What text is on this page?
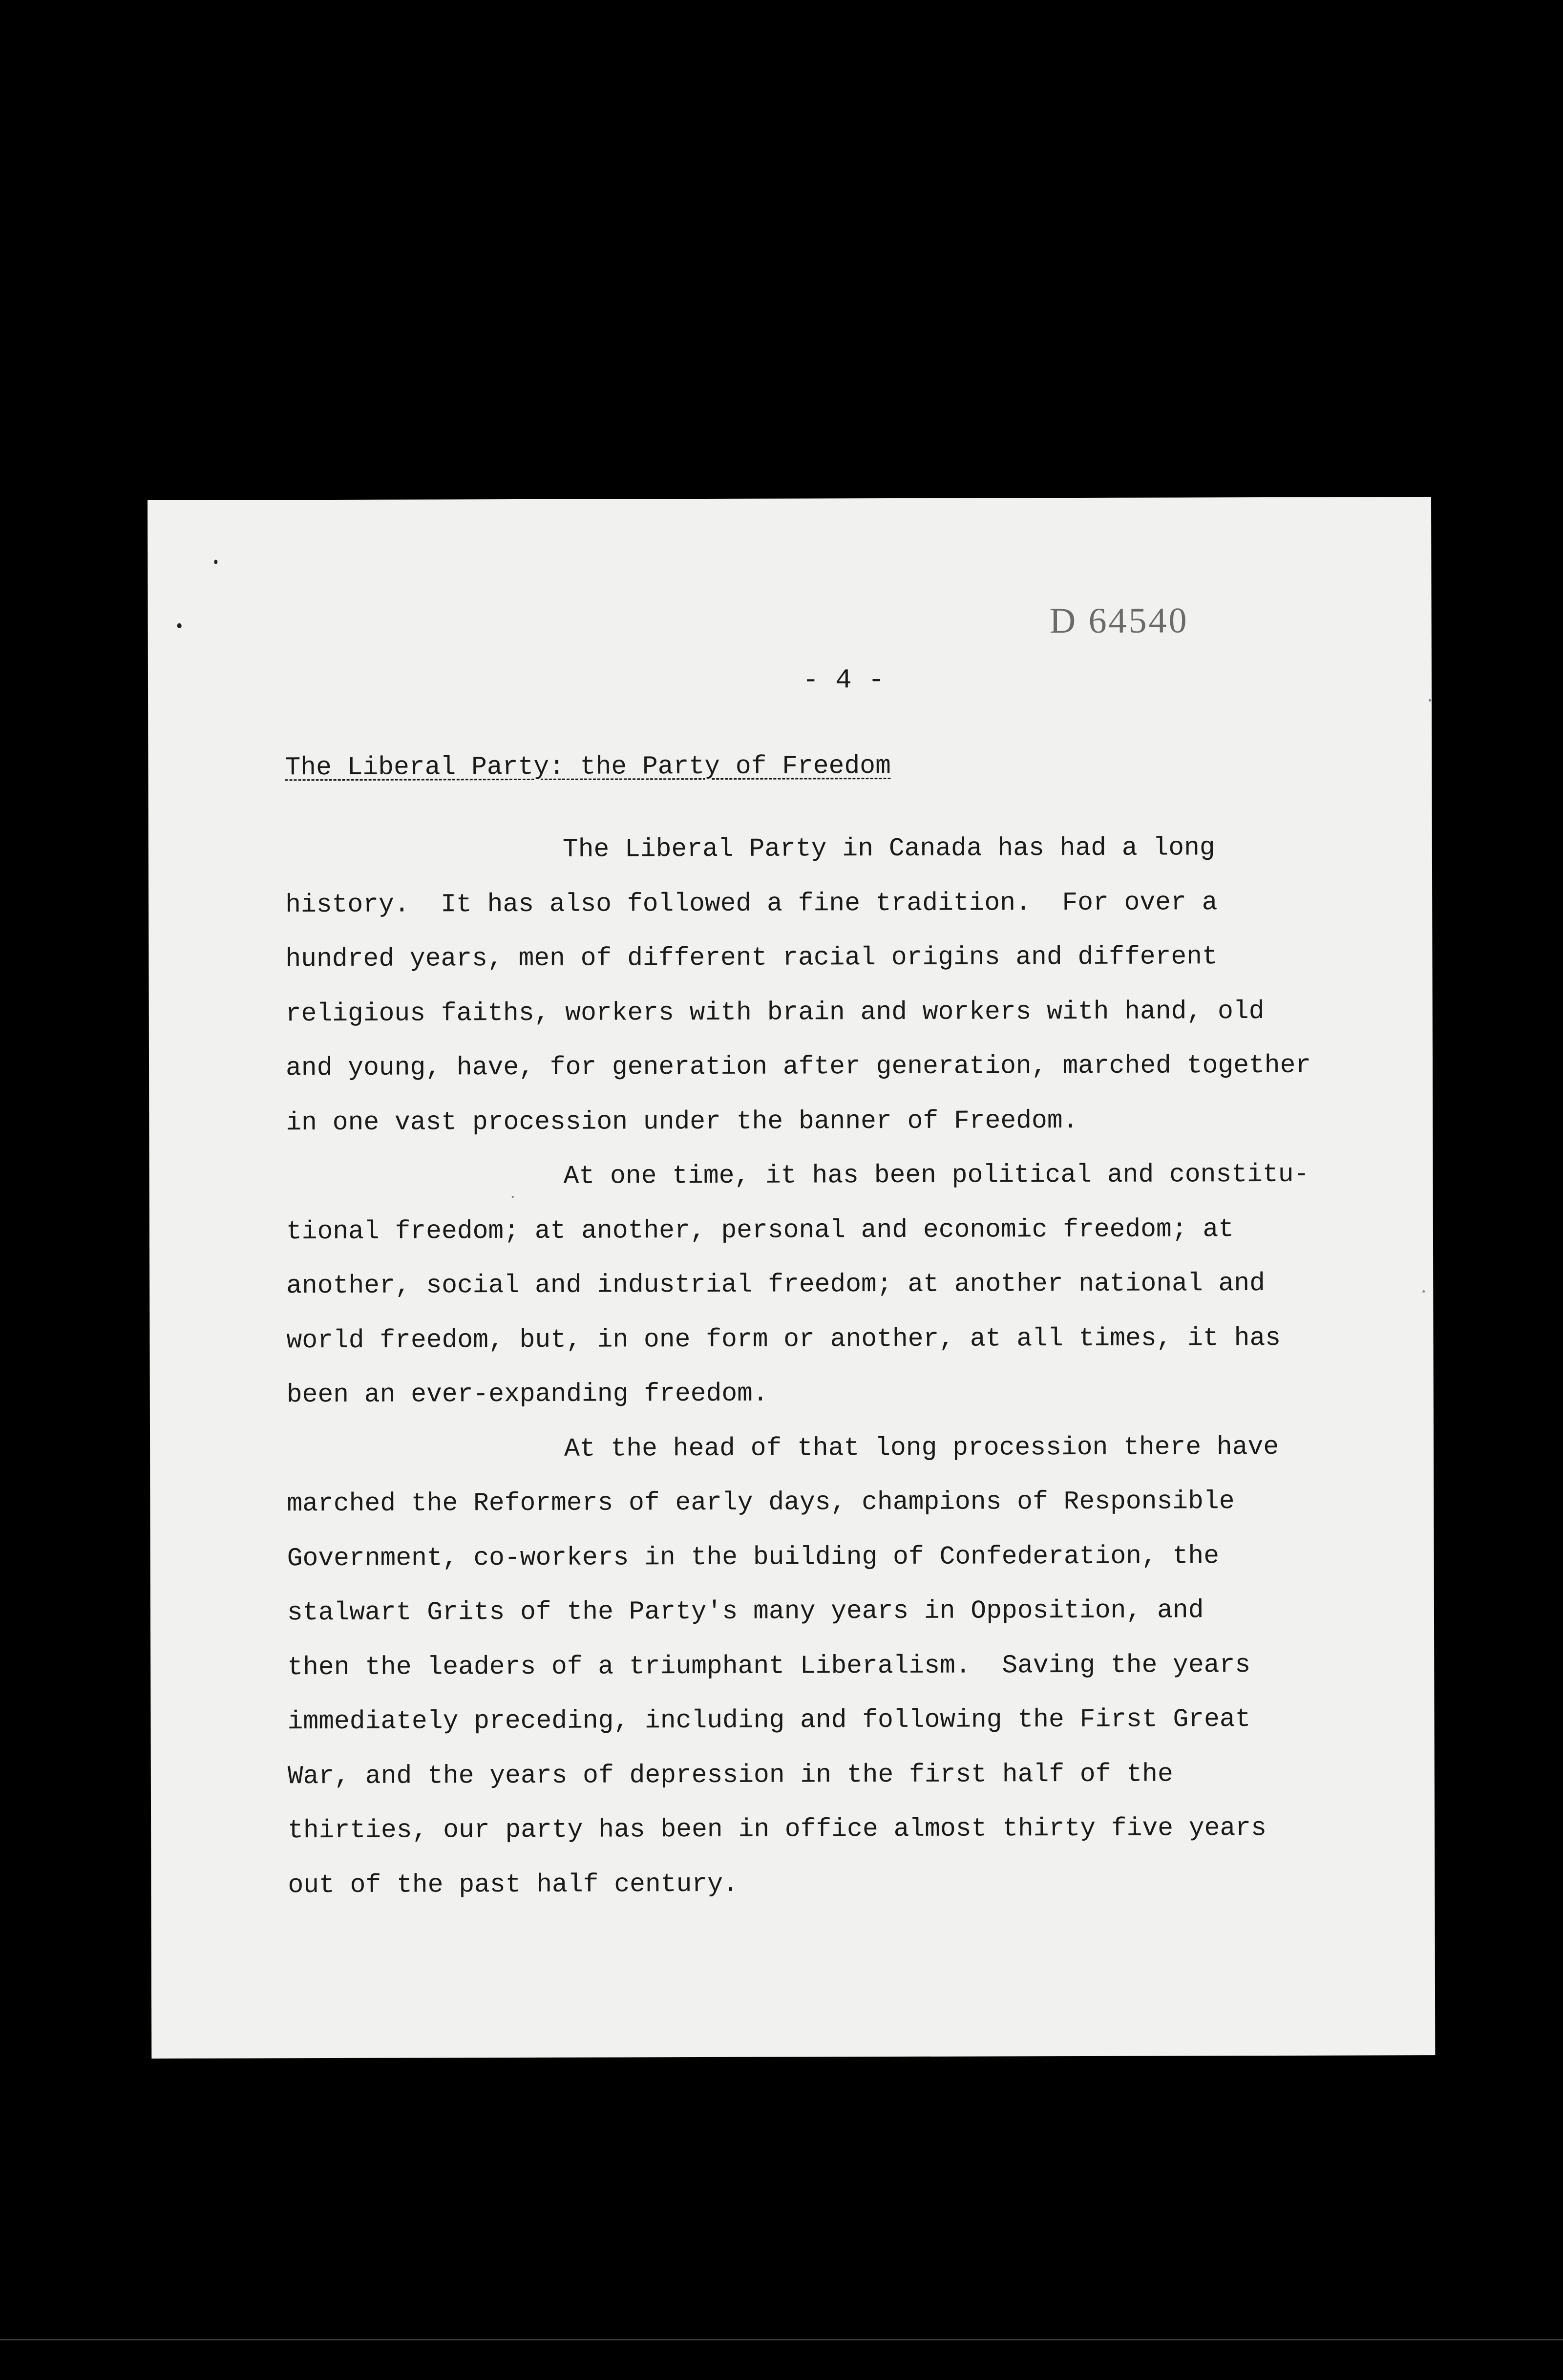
D 64540
- 4 -
The Liberal Party: the Party of Freedom
The Liberal Party in Canada has had a long
history.  It has also followed a fine tradition.  For over a
hundred years, men of different racial origins and different
religious faiths, workers with brain and workers with hand, old
and young, have, for generation after generation, marched together
in one vast procession under the banner of Freedom.
At one time, it has been political and constitu-
tional freedom; at another, personal and economic freedom; at
another, social and industrial freedom; at another national and
world freedom, but, in one form or another, at all times, it has
been an ever-expanding freedom.
At the head of that long procession there have
marched the Reformers of early days, champions of Responsible
Government, co-workers in the building of Confederation, the
stalwart Grits of the Party's many years in Opposition, and
then the leaders of a triumphant Liberalism.  Saving the years
immediately preceding, including and following the First Great
War, and the years of depression in the first half of the
thirties, our party has been in office almost thirty five years
out of the past half century.
